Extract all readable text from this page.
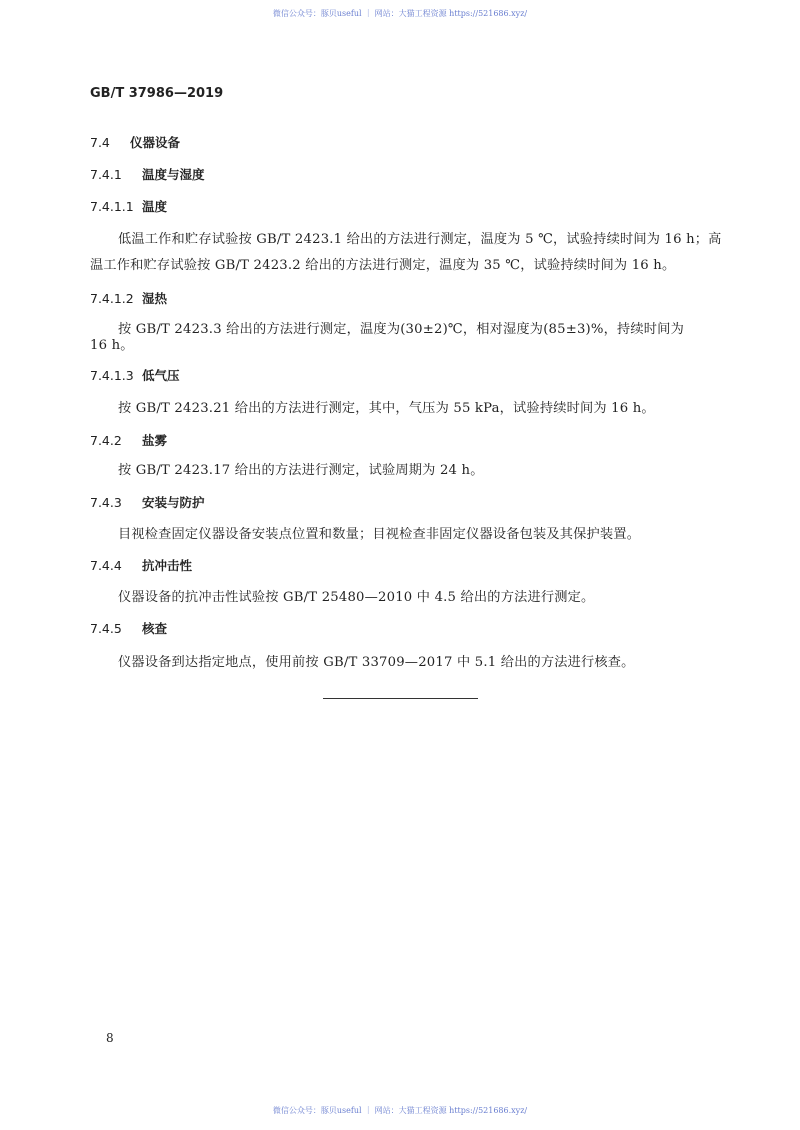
微信公众号：豚贝useful ｜ 网站：大猫工程资源 https://521686.xyz/
GB/T 37986—2019
7.4 仪器设备
7.4.1 温度与湿度
7.4.1.1 温度
低温工作和贮存试验按 GB/T 2423.1 给出的方法进行测定，温度为 5 ℃，试验持续时间为 16 h；高
温工作和贮存试验按 GB/T 2423.2 给出的方法进行测定，温度为 35 ℃，试验持续时间为 16 h。
7.4.1.2 湿热
按 GB/T 2423.3 给出的方法进行测定，温度为(30±2)℃，相对湿度为(85±3)%，持续时间为
16 h。
7.4.1.3 低气压
按 GB/T 2423.21 给出的方法进行测定，其中，气压为 55 kPa，试验持续时间为 16 h。
7.4.2 盐雾
按 GB/T 2423.17 给出的方法进行测定，试验周期为 24 h。
7.4.3 安装与防护
目视检查固定仪器设备安装点位置和数量；目视检查非固定仪器设备包装及其保护装置。
7.4.4 抗冲击性
仪器设备的抗冲击性试验按 GB/T 25480—2010 中 4.5 给出的方法进行测定。
7.4.5 核查
仪器设备到达指定地点，使用前按 GB/T 33709—2017 中 5.1 给出的方法进行核查。
8
微信公众号：豚贝useful ｜ 网站：大猫工程资源 https://521686.xyz/
